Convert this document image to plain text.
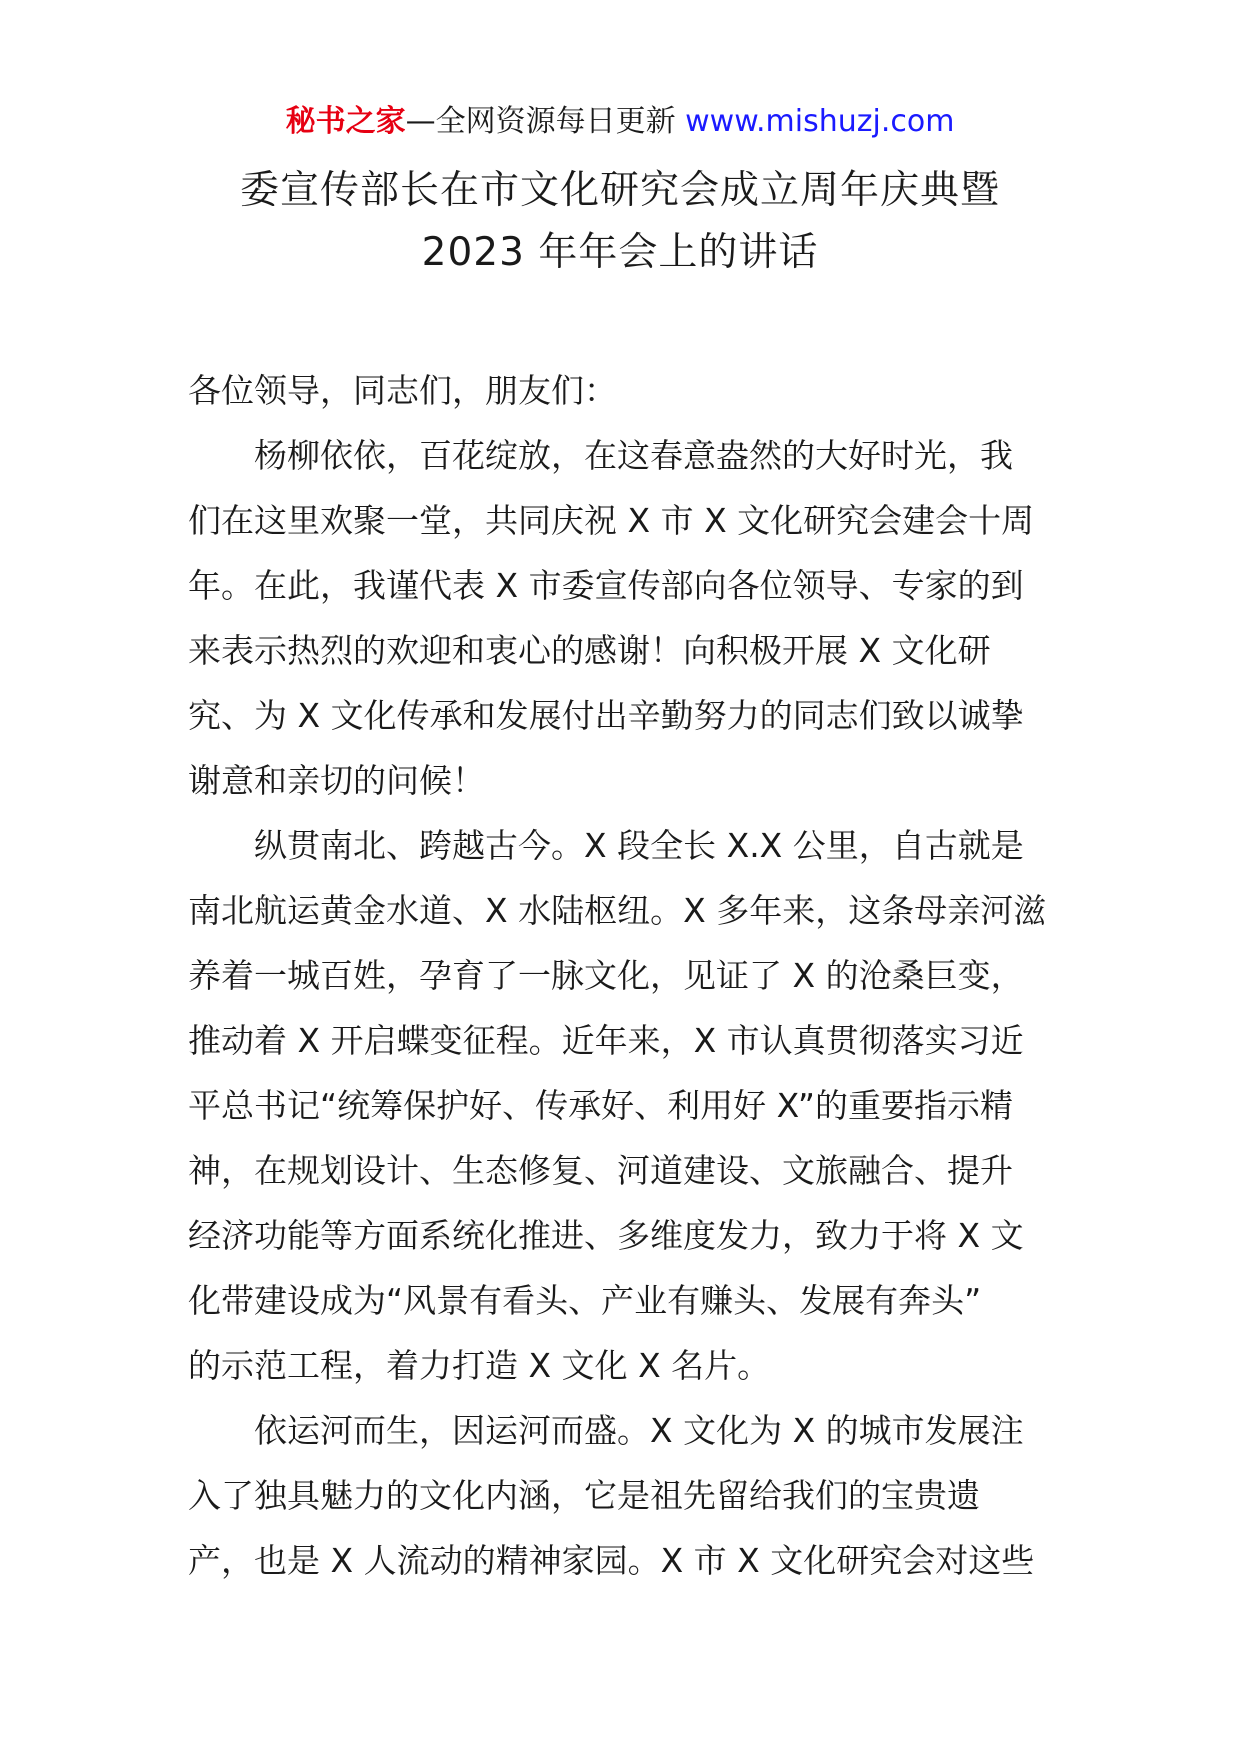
秘书之家—全网资源每日更新 www.mishuzj.com
委宣传部长在市文化研究会成立周年庆典暨
2023 年年会上的讲话
各位领导，同志们，朋友们：
　　杨柳依依，百花绽放，在这春意盎然的大好时光，我
们在这里欢聚一堂，共同庆祝 X 市 X 文化研究会建会十周
年。在此，我谨代表 X 市委宣传部向各位领导、专家的到
来表示热烈的欢迎和衷心的感谢！向积极开展 X 文化研
究、为 X 文化传承和发展付出辛勤努力的同志们致以诚挚
谢意和亲切的问候！
　　纵贯南北、跨越古今。X 段全长 X.X 公里，自古就是
南北航运黄金水道、X 水陆枢纽。X 多年来，这条母亲河滋
养着一城百姓，孕育了一脉文化，见证了 X 的沧桑巨变，
推动着 X 开启蝶变征程。近年来，X 市认真贯彻落实习近
平总书记“统筹保护好、传承好、利用好 X”的重要指示精
神，在规划设计、生态修复、河道建设、文旅融合、提升
经济功能等方面系统化推进、多维度发力，致力于将 X 文
化带建设成为“风景有看头、产业有赚头、发展有奔头”
的示范工程，着力打造 X 文化 X 名片。
　　依运河而生，因运河而盛。X 文化为 X 的城市发展注
入了独具魅力的文化内涵，它是祖先留给我们的宝贵遗
产，也是 X 人流动的精神家园。X 市 X 文化研究会对这些
